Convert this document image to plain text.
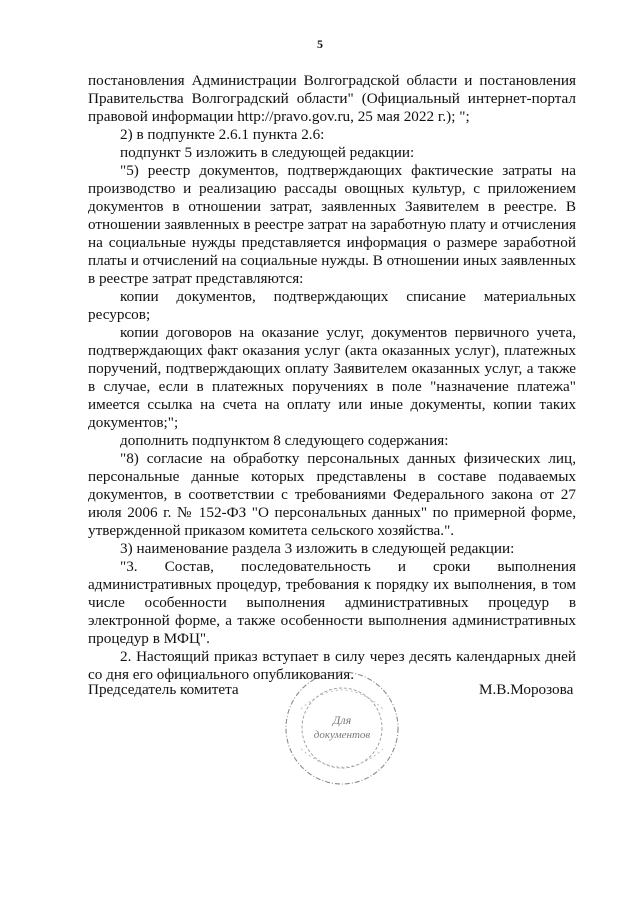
5

постановления Администрации Волгоградской области и постановления Правительства Волгоградский области" (Официальный интернет-портал правовой информации http://pravo.gov.ru, 25 мая 2022 г.); ";

2) в подпункте 2.6.1 пункта 2.6:

подпункт 5 изложить в следующей редакции:

"5) реестр документов, подтверждающих фактические затраты на производство и реализацию рассады овощных культур, с приложением документов в отношении затрат, заявленных Заявителем в реестре. В отношении заявленных в реестре затрат на заработную плату и отчисления на социальные нужды представляется информация о размере заработной платы и отчислений на социальные нужды. В отношении иных заявленных в реестре затрат представляются:

копии документов, подтверждающих списание материальных ресурсов;

копии договоров на оказание услуг, документов первичного учета, подтверждающих факт оказания услуг (акта оказанных услуг), платежных поручений, подтверждающих оплату Заявителем оказанных услуг, а также в случае, если в платежных поручениях в поле "назначение платежа" имеется ссылка на счета на оплату или иные документы, копии таких документов;";

дополнить подпунктом 8 следующего содержания:

"8) согласие на обработку персональных данных физических лиц, персональные данные которых представлены в составе подаваемых документов, в соответствии с требованиями Федерального закона от 27 июля 2006 г. № 152-ФЗ "О персональных данных" по примерной форме, утвержденной приказом комитета сельского хозяйства.".

3) наименование раздела 3 изложить в следующей редакции:

"3. Состав, последовательность и сроки выполнения административных процедур, требования к порядку их выполнения, в том числе особенности выполнения административных процедур в электронной форме, а также особенности выполнения административных процедур в МФЦ".

2. Настоящий приказ вступает в силу через десять календарных дней со дня его официального опубликования.

Председатель комитета	М.В.Морозова
Для
документов
